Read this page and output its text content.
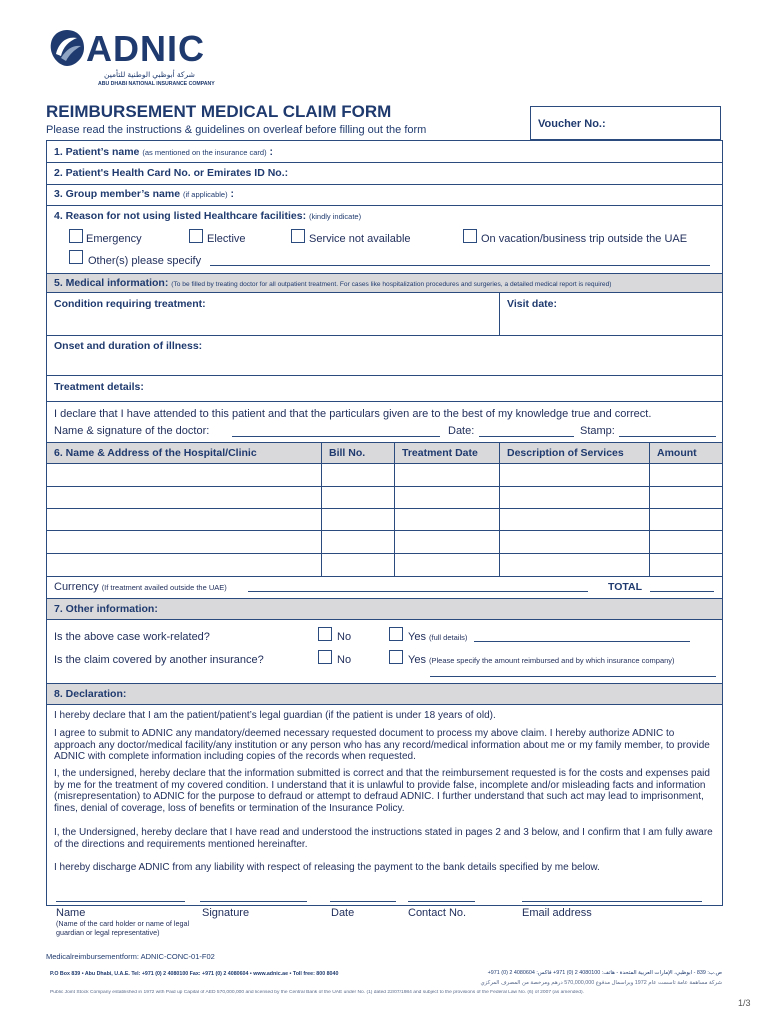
ADNIC
شركة أبوظبي الوطنية للتأمين
ABU DHABI NATIONAL INSURANCE COMPANY
REIMBURSEMENT MEDICAL CLAIM FORM
Please read the instructions & guidelines on overleaf before filling out the form	Voucher No.:
1. Patient’s name (as mentioned on the insurance card) :
2. Patient's Health Card No. or Emirates ID No.:
3. Group member’s name (if applicable) :
4. Reason for not using listed Healthcare facilities: (kindly indicate)
Emergency	Elective	Service not available	On vacation/business trip outside the UAE
Other(s) please specify
5. Medical information: (To be filled by treating doctor for all outpatient treatment. For cases like hospitalization procedures and surgeries, a detailed medical report is required)
Condition requiring treatment:	Visit date:
Onset and duration of illness:
Treatment details:
I declare that I have attended to this patient and that the particulars given are to the best of my knowledge true and correct.
Name & signature of the doctor:	Date:	Stamp:
6. Name & Address of the Hospital/Clinic	Bill No.	Treatment Date	Description of Services	Amount
Currency (If treatment availed outside the UAE)	TOTAL
7. Other information:
Is the above case work-related?	No	Yes (full details)
Is the claim covered by another insurance?	No	Yes (Please specify the amount reimbursed and by which insurance company)
8. Declaration:
I hereby declare that I am the patient/patient’s legal guardian (if the patient is under 18 years of old).
I agree to submit to ADNIC any mandatory/deemed necessary requested document to process my above claim. I hereby authorize ADNIC to approach any doctor/medical facility/any institution or any person who has any record/medical information about me or my family member, to provide ADNIC with complete information including copies of the records when requested.
I, the undersigned, hereby declare that the information submitted is correct and that the reimbursement requested is for the costs and expenses paid by me for the treatment of my covered condition. I understand that it is unlawful to provide false, incomplete and/or misleading facts and information (misrepresentation) to ADNIC for the purpose to defraud or attempt to defraud ADNIC. I further understand that such act may lead to imprisonment, fines, denial of coverage, loss of benefits or termination of the Insurance Policy.
I, the Undersigned, hereby declare that I have read and understood the instructions stated in pages 2 and 3 below, and I confirm that I am fully aware of the directions and requirements mentioned hereinafter.
I hereby discharge ADNIC from any liability with respect of releasing the payment to the bank details specified by me below.
Name	Signature	Date	Contact No.	Email address
(Name of the card holder or name of legal guardian or legal representative)
Medicalreimbursementform: ADNIC-CONC-01-F02
P.O Box 839 • Abu Dhabi, U.A.E. Tel: +971 (0) 2 4080100 Fax: +971 (0) 2 4080604 • www.adnic.ae • Toll free: 800 8040	ص.ب: 839 - أبوظبي، الإمارات العربية المتحدة - هاتف: 4080100 2 (0) 971+ فاكس: 4080604 2 (0) 971+
شركة مساهمة عامة تأسست عام 1972 وبرأسمال مدفوع 570,000,000 درهم ومرخصة من المصرف المركزي
Public Joint Stock Company established in 1972 with Paid up Capital of AED 570,000,000 and licensed by the Central Bank of the UAE under No. (1) dated 22/07/1984 and subject to the provisions of the Federal Law No. (6) of 2007 (as amended).
1/3
